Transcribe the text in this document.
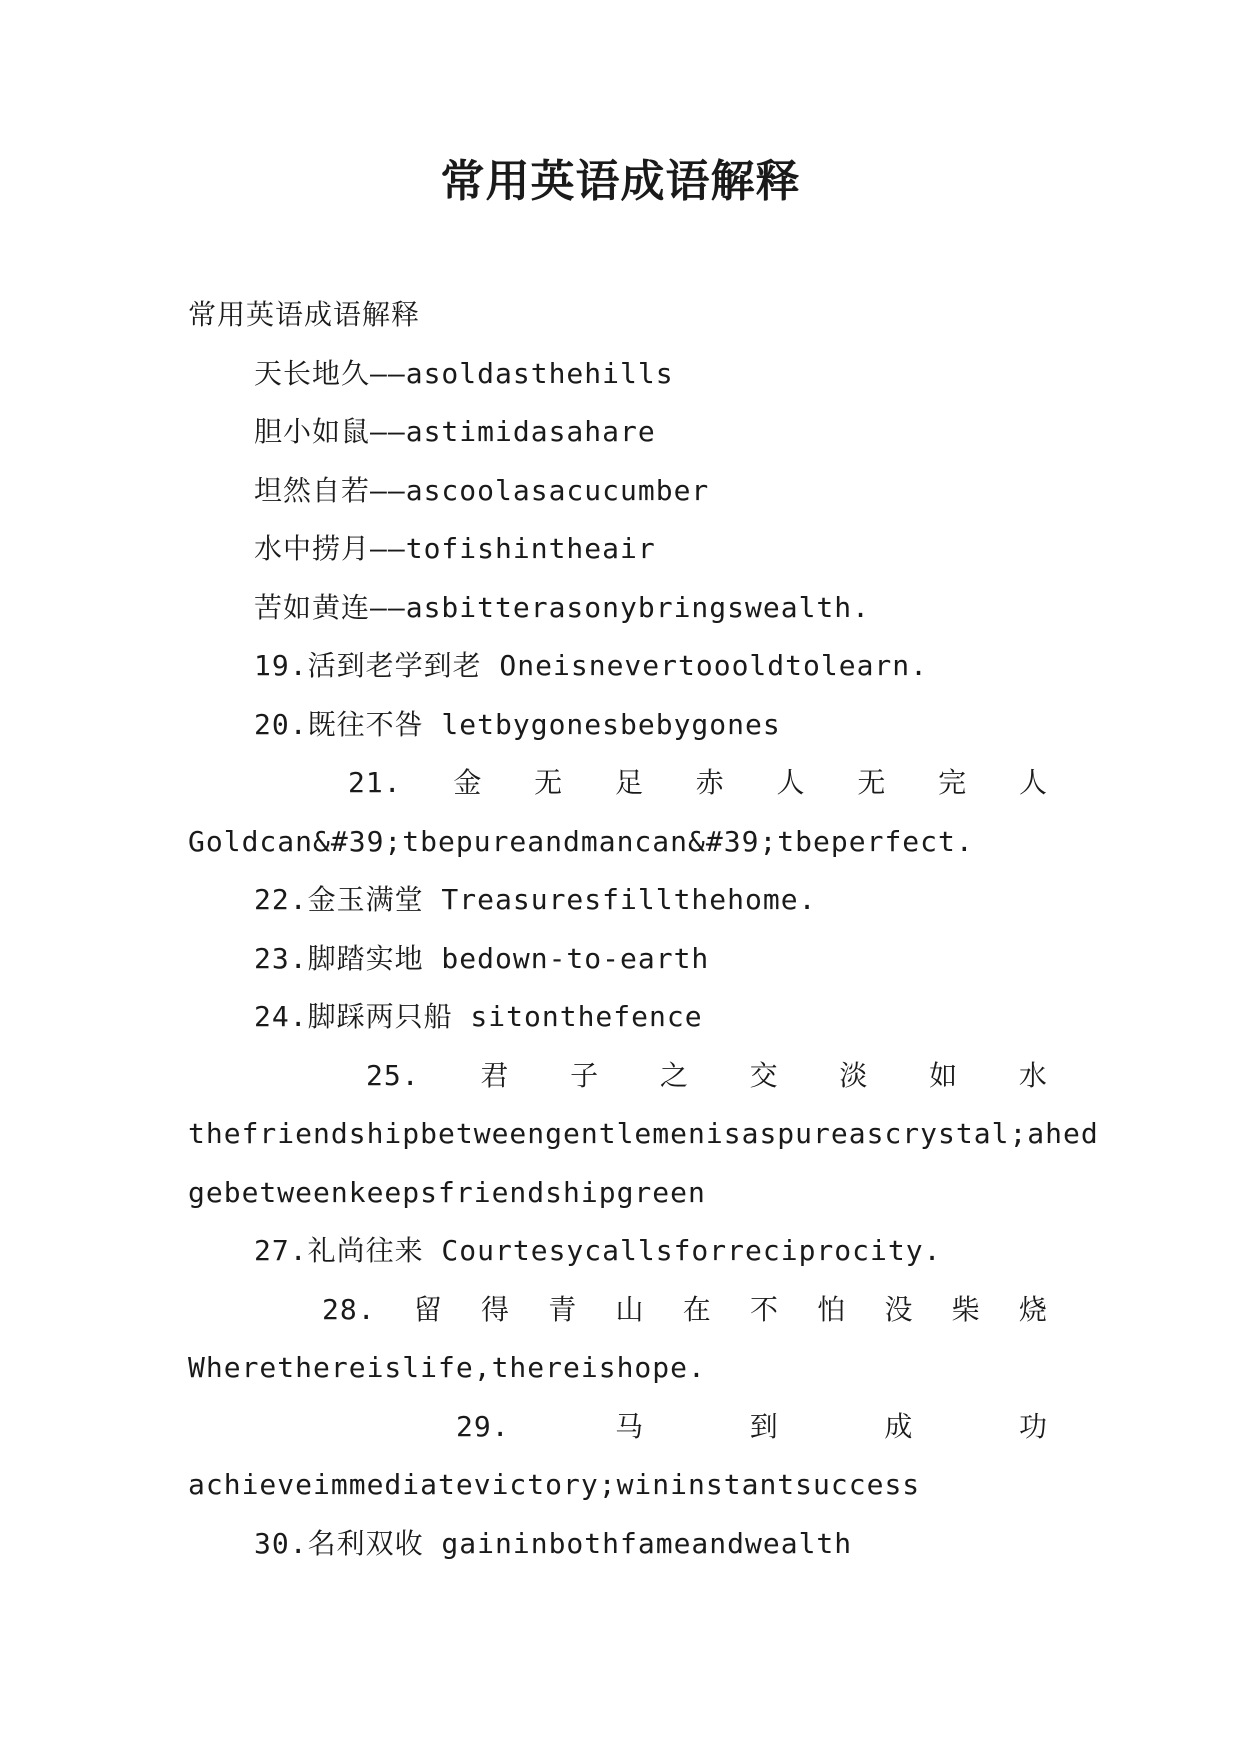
常用英语成语解释
常用英语成语解释
天长地久——asoldasthehills
胆小如鼠——astimidasahare
坦然自若——ascoolasacucumber
水中捞月——tofishintheair
苦如黄连——asbitterasonybringswealth.
19.活到老学到老 Oneisnevertoooldtolearn.
20.既往不咎 letbygonesbebygones
21. 金 无 足 赤 人 无 完 人
Goldcan&#39;tbepureandmancan&#39;tbeperfect.
22.金玉满堂 Treasuresfillthehome.
23.脚踏实地 bedown-to-earth
24.脚踩两只船 sitonthefence
25. 君 子 之 交 淡 如 水
thefriendshipbetweengentlemenisaspureascrystal;ahed
gebetweenkeepsfriendshipgreen
27.礼尚往来 Courtesycallsforreciprocity.
28. 留 得 青 山 在 不 怕 没 柴 烧
Wherethereislife,thereishope.
29.	马	到	成	功
achieveimmediatevictory;wininstantsuccess
30.名利双收 gaininbothfameandwealth
